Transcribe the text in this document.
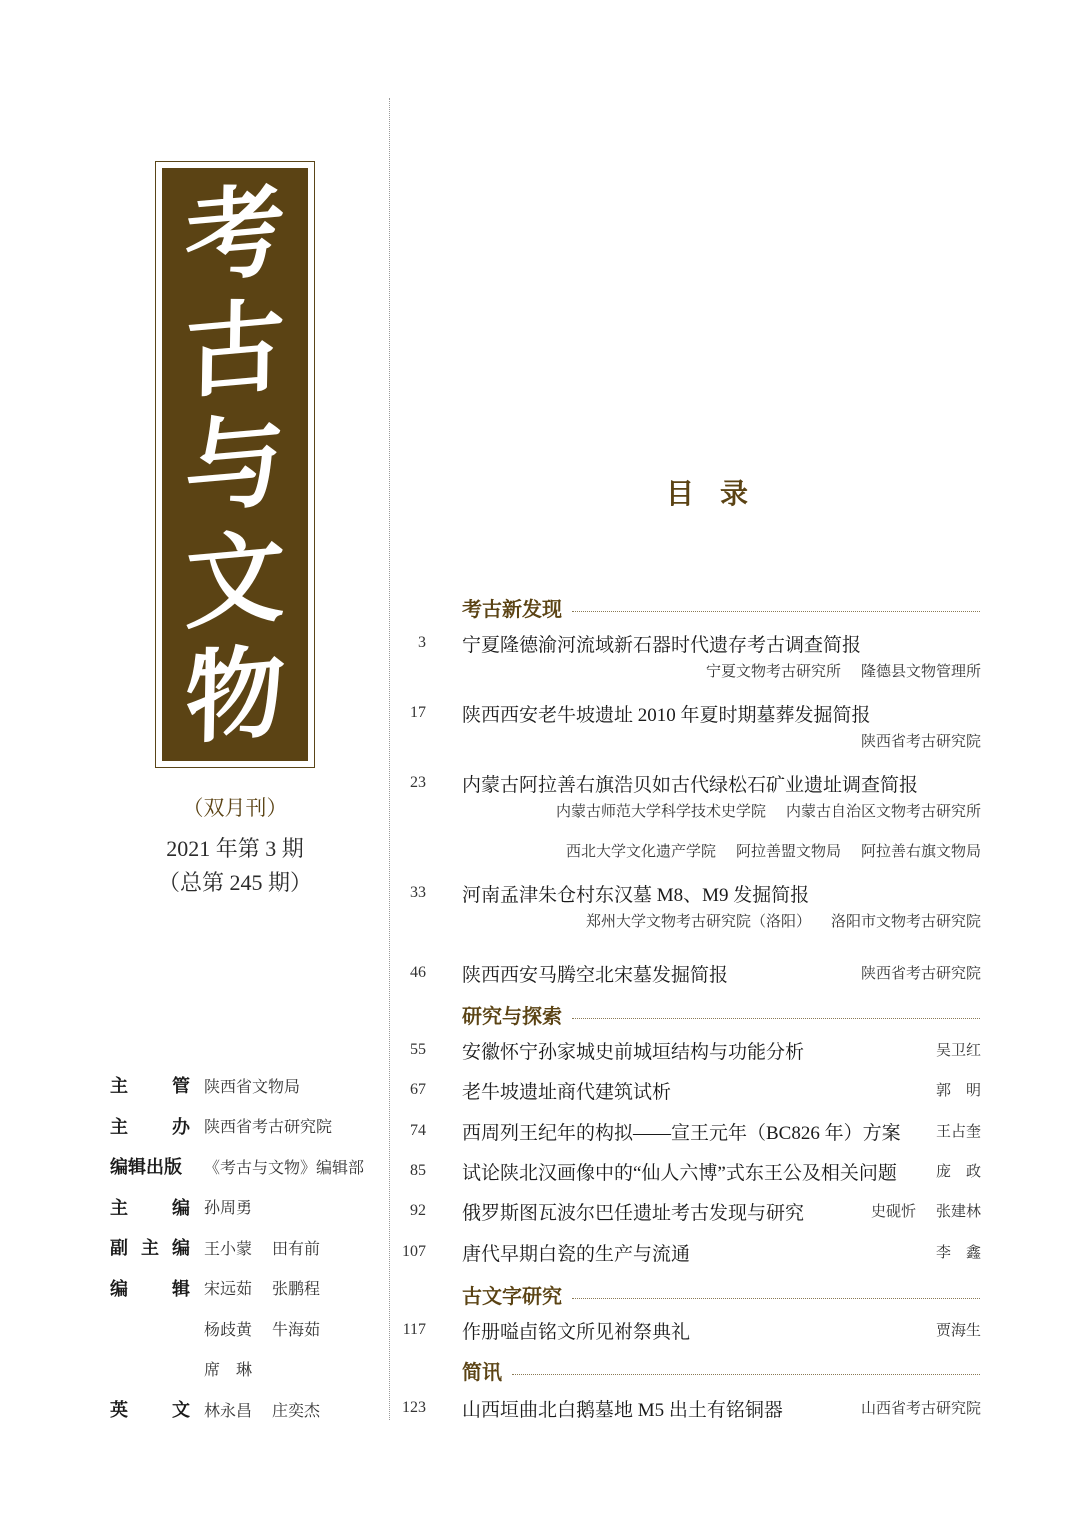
考
古
与
文
物
（双月刊）
2021 年第 3 期
（总第 245 期）
主 管 陕西省文物局
主 办 陕西省考古研究院
编辑出版 《考古与文物》编辑部
主 编 孙周勇
副 主 编 王小蒙 田有前
编 辑 宋远茹 张鹏程
杨歧黄 牛海茹
席　琳
英 文 林永昌 庄奕杰
目录
考古新发现
3 宁夏隆德渝河流域新石器时代遗存考古调查简报
宁夏文物考古研究所 隆德县文物管理所
17 陕西西安老牛坡遗址 2010 年夏时期墓葬发掘简报
陕西省考古研究院
23 内蒙古阿拉善右旗浩贝如古代绿松石矿业遗址调查简报
内蒙古师范大学科学技术史学院 内蒙古自治区文物考古研究所
西北大学文化遗产学院 阿拉善盟文物局 阿拉善右旗文物局
33 河南孟津朱仓村东汉墓 M8、M9 发掘简报
郑州大学文物考古研究院（洛阳） 洛阳市文物考古研究院
46 陕西西安马腾空北宋墓发掘简报	陕西省考古研究院
研究与探索
55 安徽怀宁孙家城史前城垣结构与功能分析	吴卫红
67 老牛坡遗址商代建筑试析	郭　明
74 西周列王纪年的构拟——宣王元年（BC826 年）方案 王占奎
85 试论陕北汉画像中的“仙人六博”式东王公及相关问题	庞　政
92 俄罗斯图瓦波尔巴任遗址考古发现与研究	史砚忻 张建林
107 唐代早期白瓷的生产与流通	李　鑫
古文字研究
117 作册嗌卣铭文所见祔祭典礼	贾海生
简讯
123 山西垣曲北白鹅墓地 M5 出土有铭铜器	山西省考古研究院
